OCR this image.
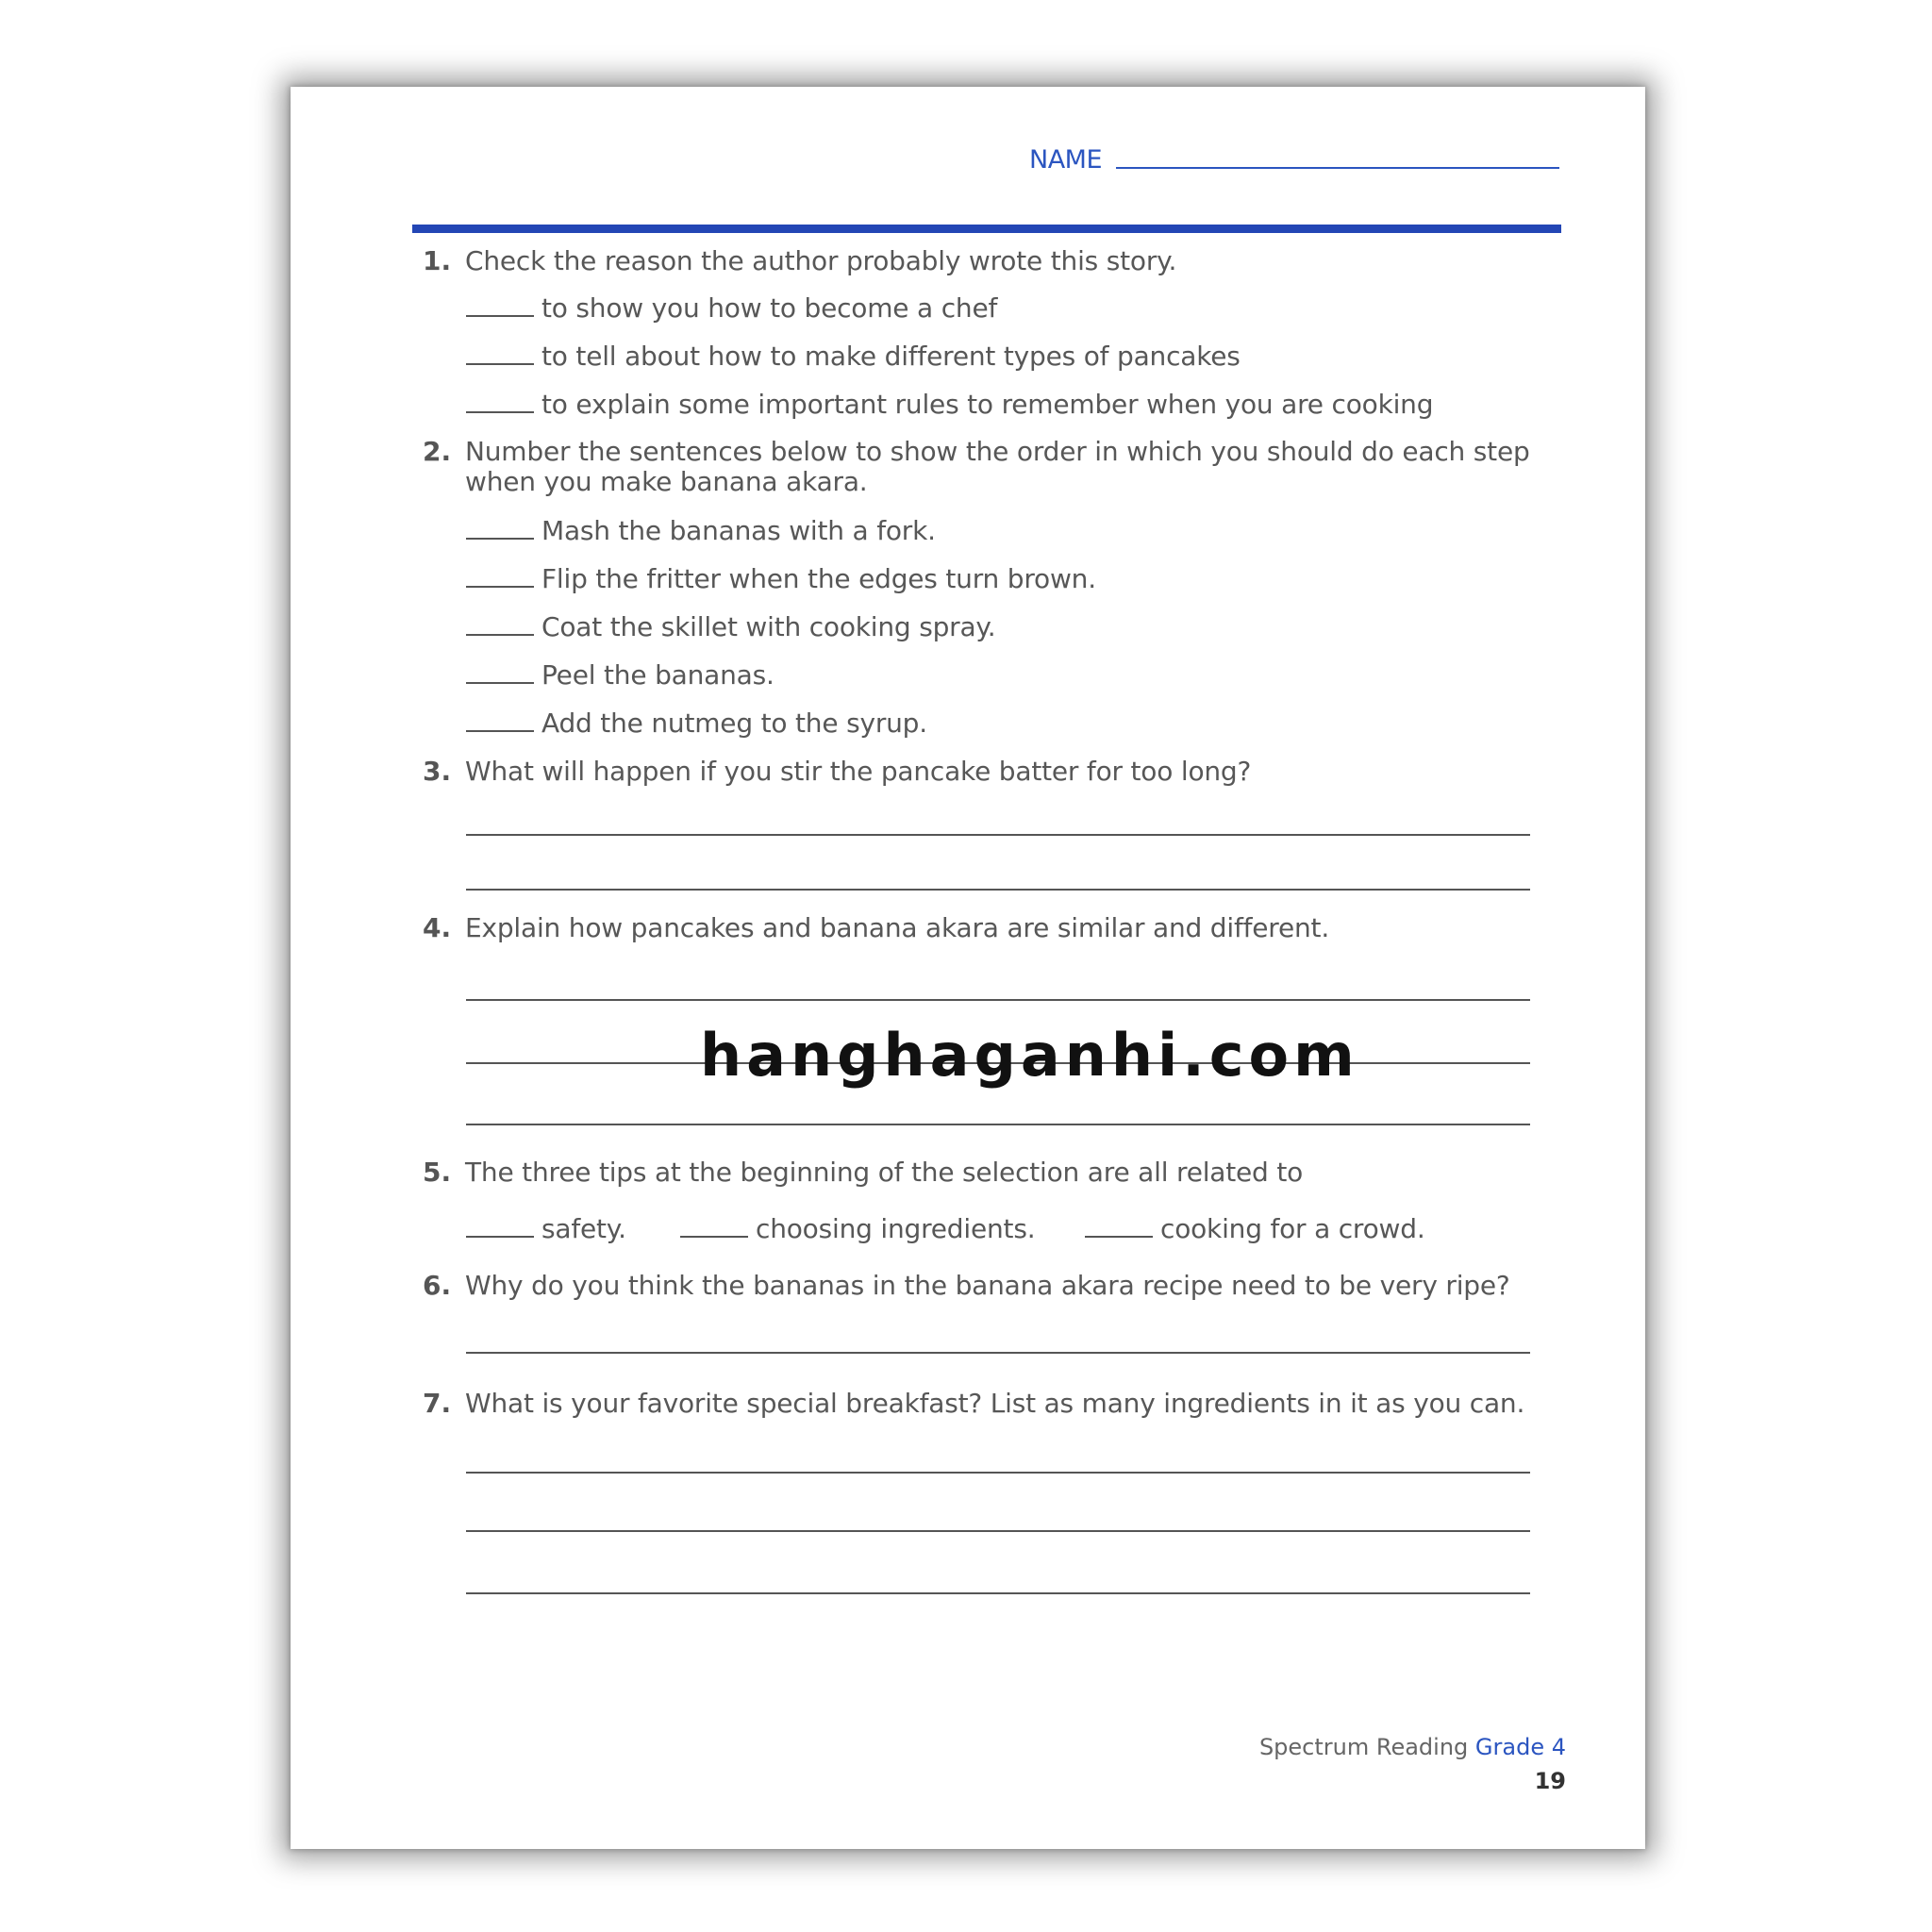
NAME
1. Check the reason the author probably wrote this story.
to show you how to become a chef
to tell about how to make different types of pancakes
to explain some important rules to remember when you are cooking
2. Number the sentences below to show the order in which you should do each step
when you make banana akara.
Mash the bananas with a fork.
Flip the fritter when the edges turn brown.
Coat the skillet with cooking spray.
Peel the bananas.
Add the nutmeg to the syrup.
3. What will happen if you stir the pancake batter for too long?
4. Explain how pancakes and banana akara are similar and different.
hanghaganhi.com
5. The three tips at the beginning of the selection are all related to
safety.	choosing ingredients.	cooking for a crowd.
6. Why do you think the bananas in the banana akara recipe need to be very ripe?
7. What is your favorite special breakfast? List as many ingredients in it as you can.
Spectrum Reading Grade 4
19
